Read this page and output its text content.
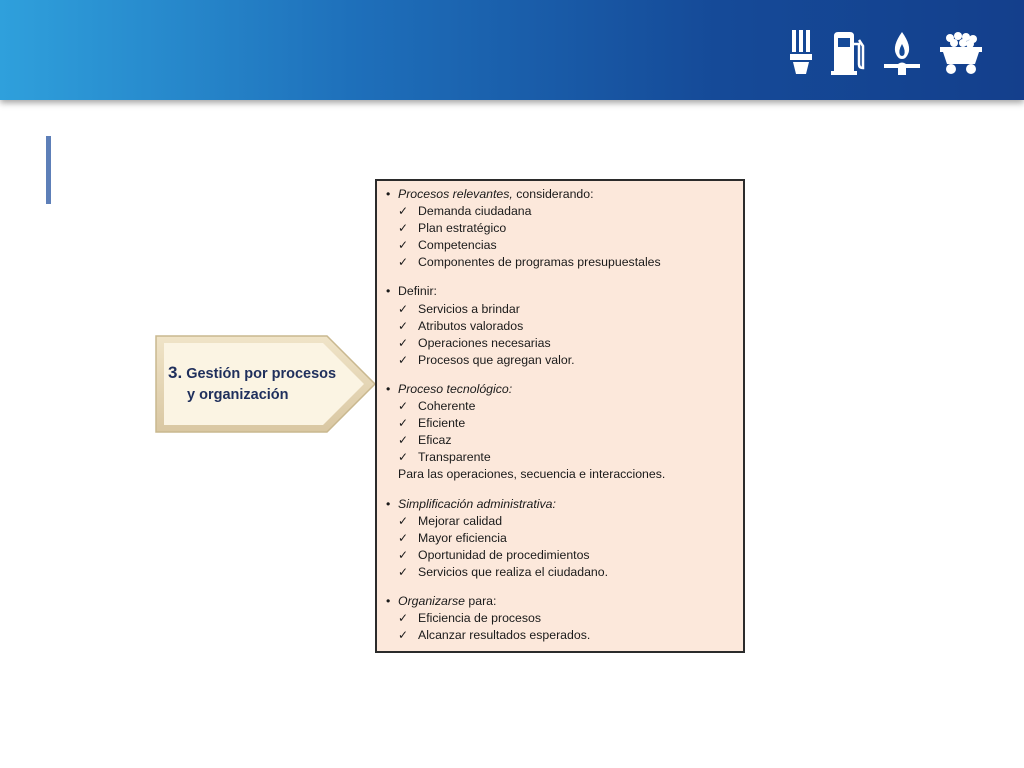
3. Gestión por procesos
y organización
• Procesos relevantes, considerando:
✓ Demanda ciudadana
✓ Plan estratégico
✓ Competencias
✓ Componentes de programas presupuestales
• Definir:
✓ Servicios a brindar
✓ Atributos valorados
✓ Operaciones necesarias
✓ Procesos que agregan valor.
• Proceso tecnológico:
✓ Coherente
✓ Eficiente
✓ Eficaz
✓ Transparente
Para las operaciones, secuencia e interacciones.
• Simplificación administrativa:
✓ Mejorar calidad
✓ Mayor eficiencia
✓ Oportunidad de procedimientos
✓ Servicios que realiza el ciudadano.
• Organizarse para:
✓ Eficiencia de procesos
✓ Alcanzar resultados esperados.
